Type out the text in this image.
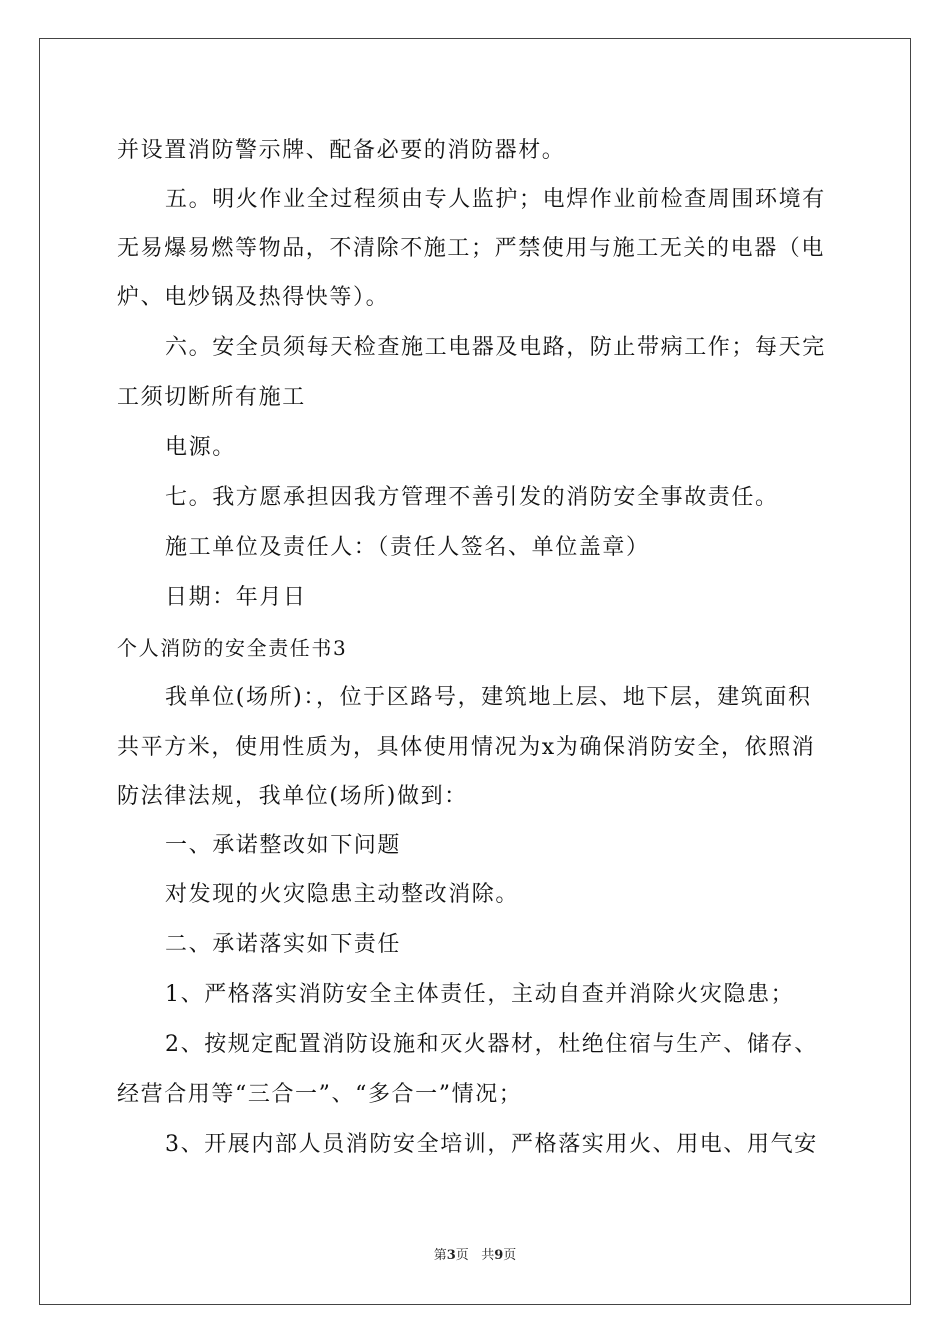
并设置消防警示牌、配备必要的消防器材。
五。明火作业全过程须由专人监护；电焊作业前检查周围环境有
无易爆易燃等物品，不清除不施工；严禁使用与施工无关的电器（电
炉、电炒锅及热得快等）。
六。安全员须每天检查施工电器及电路，防止带病工作；每天完
工须切断所有施工
电源。
七。我方愿承担因我方管理不善引发的消防安全事故责任。
施工单位及责任人：（责任人签名、单位盖章）
日期：年月日
个人消防的安全责任书3
我单位(场所)：，位于区路号，建筑地上层、地下层，建筑面积
共平方米，使用性质为，具体使用情况为x为确保消防安全，依照消
防法律法规，我单位(场所)做到：
一、承诺整改如下问题
对发现的火灾隐患主动整改消除。
二、承诺落实如下责任
1、严格落实消防安全主体责任，主动自查并消除火灾隐患；
2、按规定配置消防设施和灭火器材，杜绝住宿与生产、储存、
经营合用等“三合一”、“多合一”情况；
3、开展内部人员消防安全培训，严格落实用火、用电、用气安
第3页   共9页
